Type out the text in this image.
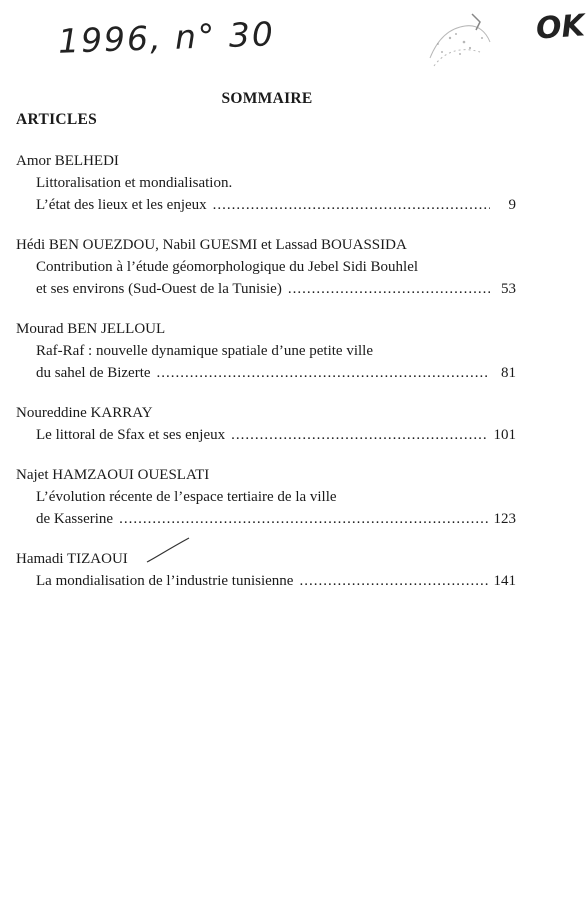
1996, n° 30	OK
SOMMAIRE
ARTICLES
Amor BELHEDI
Littoralisation et mondialisation.
L’état des lieux et les enjeux .....	9
Hédi BEN OUEZDOU, Nabil GUESMI et Lassad BOUASSIDA
Contribution à l’étude géomorphologique du Jebel Sidi Bouhlel
et ses environs (Sud-Ouest de la Tunisie) .....	53
Mourad BEN JELLOUL
Raf-Raf : nouvelle dynamique spatiale d’une petite ville
du sahel de Bizerte .....	81
Noureddine KARRAY
Le littoral de Sfax et ses enjeux .....	101
Najet HAMZAOUI OUESLATI
L’évolution récente de l’espace tertiaire de la ville
de Kasserine .....	123
Hamadi TIZAOUI
La mondialisation de l’industrie tunisienne .....	141
